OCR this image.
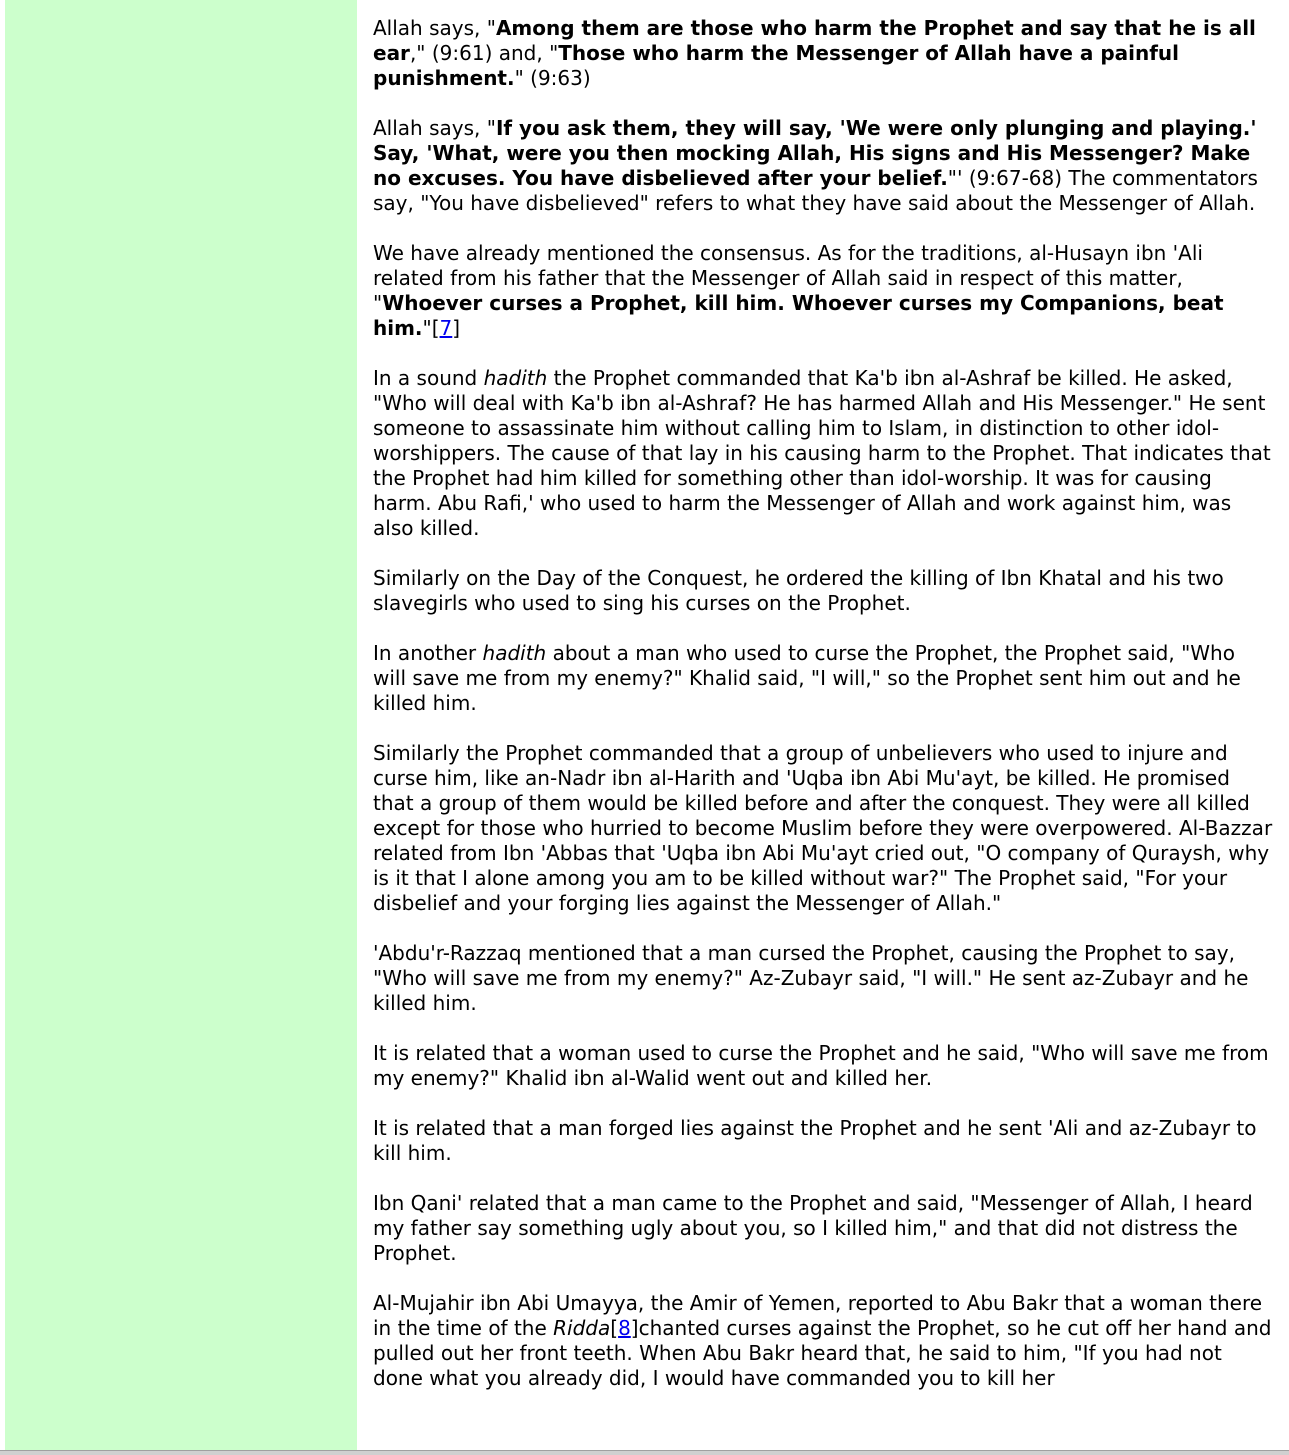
Allah says, "Among them are those who harm the Prophet and say that he is all ear," (9:61) and, "Those who harm the Messenger of Allah have a painful punishment." (9:63)

Allah says, "If you ask them, they will say, 'We were only plunging and playing.' Say, 'What, were you then mocking Allah, His signs and His Messenger? Make no excuses. You have disbelieved after your belief."' (9:67-68) The commentators say, "You have disbelieved" refers to what they have said about the Messenger of Allah.

We have already mentioned the consensus. As for the traditions, al-Husayn ibn 'Ali related from his father that the Messenger of Allah said in respect of this matter, "Whoever curses a Prophet, kill him. Whoever curses my Companions, beat him."[7]

In a sound hadith the Prophet commanded that Ka'b ibn al-Ashraf be killed. He asked, "Who will deal with Ka'b ibn al-Ashraf? He has harmed Allah and His Messenger." He sent someone to assassinate him without calling him to Islam, in distinction to other idol-worshippers. The cause of that lay in his causing harm to the Prophet. That indicates that the Prophet had him killed for something other than idol-worship. It was for causing harm. Abu Rafi,' who used to harm the Messenger of Allah and work against him, was also killed.

Similarly on the Day of the Conquest, he ordered the killing of Ibn Khatal and his two slavegirls who used to sing his curses on the Prophet.

In another hadith about a man who used to curse the Prophet, the Prophet said, "Who will save me from my enemy?" Khalid said, "I will," so the Prophet sent him out and he killed him.

Similarly the Prophet commanded that a group of unbelievers who used to injure and curse him, like an-Nadr ibn al-Harith and 'Uqba ibn Abi Mu'ayt, be killed. He promised that a group of them would be killed before and after the conquest. They were all killed except for those who hurried to become Muslim before they were overpowered. Al-Bazzar related from Ibn 'Abbas that 'Uqba ibn Abi Mu'ayt cried out, "O company of Quraysh, why is it that I alone among you am to be killed without war?" The Prophet said, "For your disbelief and your forging lies against the Messenger of Allah."

'Abdu'r-Razzaq mentioned that a man cursed the Prophet, causing the Prophet to say, "Who will save me from my enemy?" Az-Zubayr said, "I will." He sent az-Zubayr and he killed him.

It is related that a woman used to curse the Prophet and he said, "Who will save me from my enemy?" Khalid ibn al-Walid went out and killed her.

It is related that a man forged lies against the Prophet and he sent 'Ali and az-Zubayr to kill him.

Ibn Qani' related that a man came to the Prophet and said, "Messenger of Allah, I heard my father say something ugly about you, so I killed him," and that did not distress the Prophet.

Al-Mujahir ibn Abi Umayya, the Amir of Yemen, reported to Abu Bakr that a woman there in the time of the Ridda[8]chanted curses against the Prophet, so he cut off her hand and pulled out her front teeth. When Abu Bakr heard that, he said to him, "If you had not done what you already did, I would have commanded you to kill her
